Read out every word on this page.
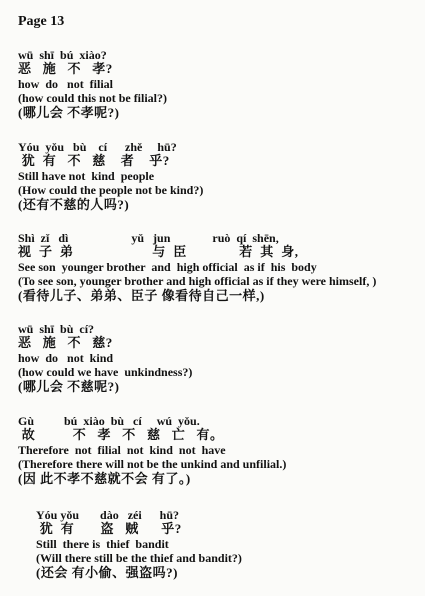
Page 13
wū  shī  bú  xiào?
恶   施   不   孝?
how  do   not  filial
(how could this not be filial?)
(哪儿会 不孝呢?)
Yóu  yǒu   bù    cí      zhě     hū?
犹  有   不   慈    者    乎?
Still have not  kind  people
(How could the people not be kind?)
(还有不慈的人吗?)
Shì  zǐ   dì                     yǔ   jun              ruò  qí  shēn,
视  子  弟                     与  臣              若  其  身,
See son  younger brother  and  high official  as if  his  body
(To see son, younger brother and high official as if they were himself, )
(看待儿子、弟弟、臣子 像看待自己一样,)
wū  shī  bù  cí?
恶   施   不   慈?
how  do   not  kind
(how could we have  unkindness?)
(哪儿会 不慈呢?)
Gù          bú  xiào  bù   cí     wú  yǒu.
故          不   孝   不   慈   亡   有。
Therefore  not  filial  not  kind  not  have
(Therefore there will not be the unkind and unfilial.)
(因 此不孝不慈就不会 有了。)
Yóu yǒu       dào   zéi      hū?
犹  有       盗   贼      乎?
Still  there is  thief  bandit
(Will there still be the thief and bandit?)
(还会 有小偷、强盗吗?)
